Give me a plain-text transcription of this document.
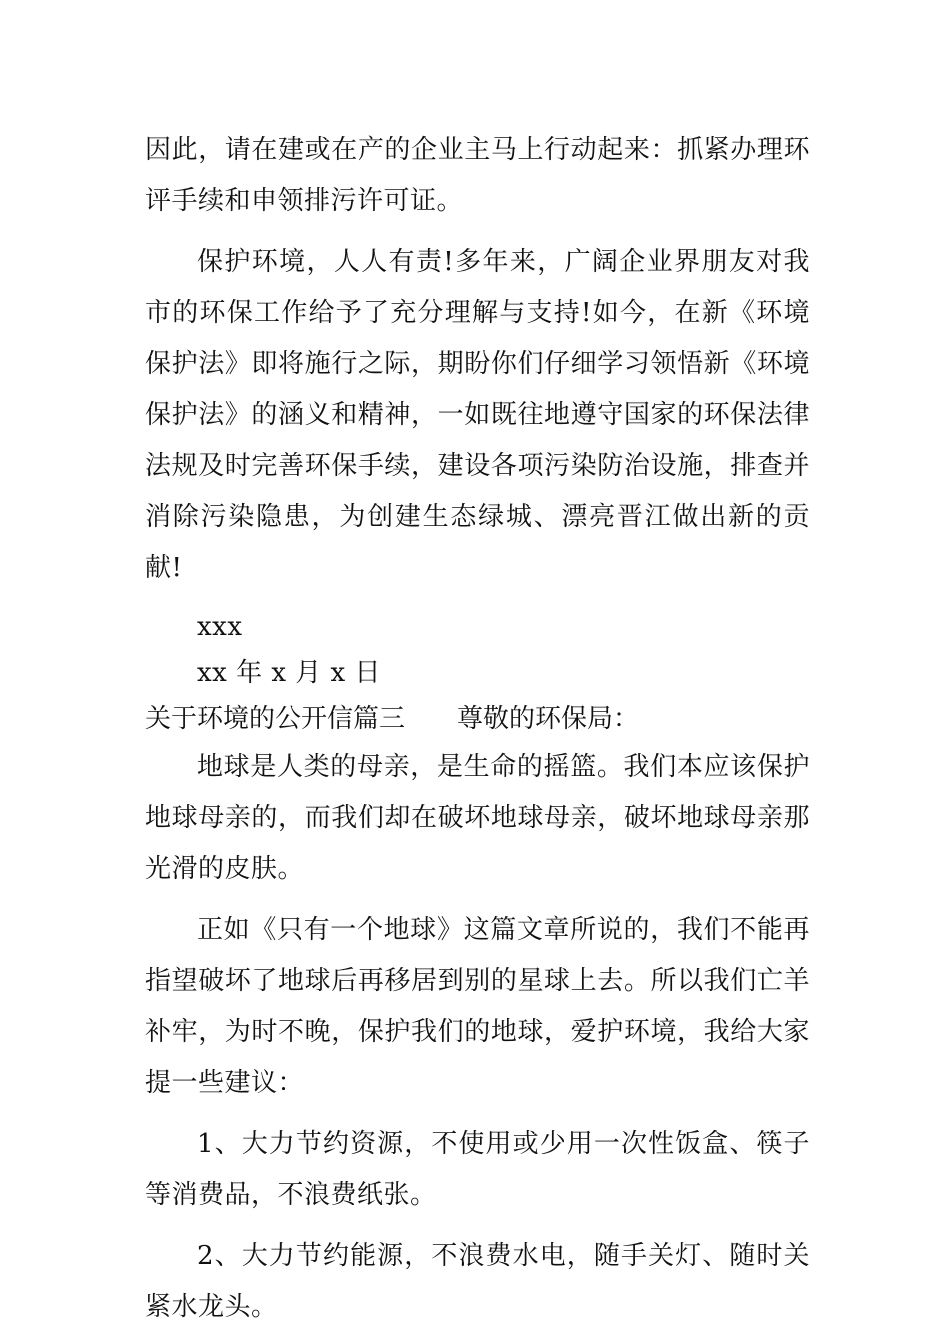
因此，请在建或在产的企业主马上行动起来：抓紧办理环评手续和申领排污许可证。

保护环境，人人有责!多年来，广阔企业界朋友对我市的环保工作给予了充分理解与支持!如今，在新《环境保护法》即将施行之际，期盼你们仔细学习领悟新《环境保护法》的涵义和精神，一如既往地遵守国家的环保法律法规及时完善环保手续，建设各项污染防治设施，排查并消除污染隐患，为创建生态绿城、漂亮晋江做出新的贡献!

xxx

xx 年 x 月 x 日

关于环境的公开信篇三 尊敬的环保局：

地球是人类的母亲，是生命的摇篮。我们本应该保护地球母亲的，而我们却在破坏地球母亲，破坏地球母亲那光滑的皮肤。

正如《只有一个地球》这篇文章所说的，我们不能再指望破坏了地球后再移居到别的星球上去。所以我们亡羊补牢，为时不晚，保护我们的地球，爱护环境，我给大家提一些建议：

1、大力节约资源，不使用或少用一次性饭盒、筷子等消费品，不浪费纸张。

2、大力节约能源，不浪费水电，随手关灯、随时关紧水龙头。
